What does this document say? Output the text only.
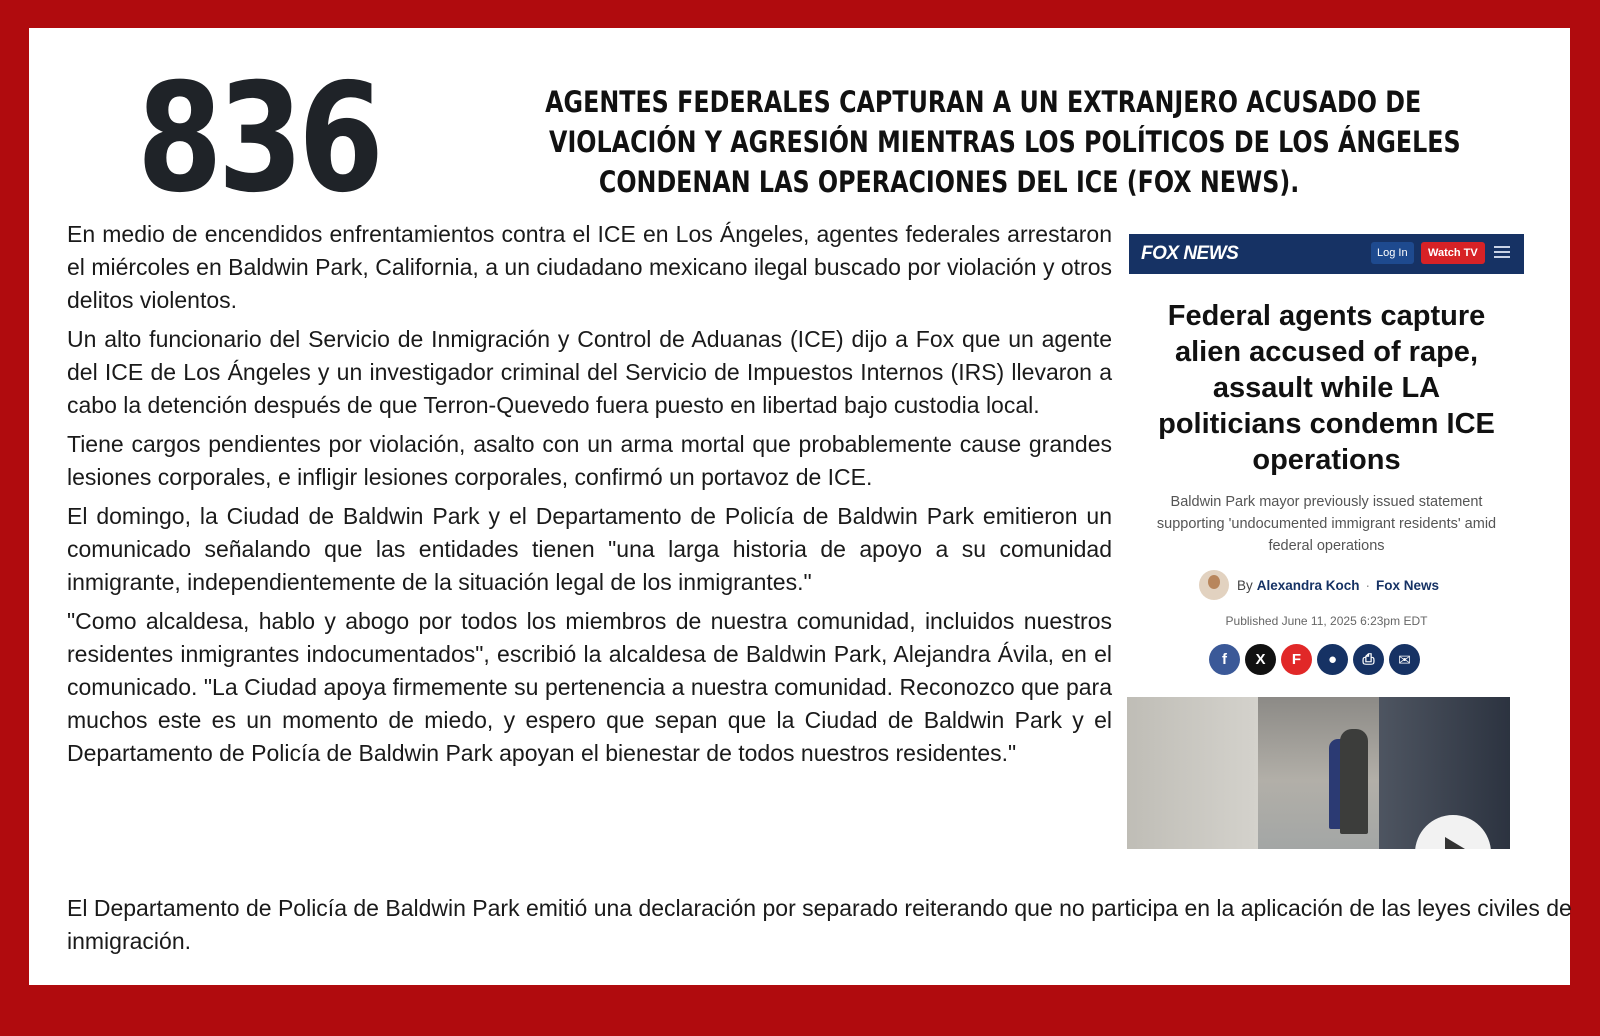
836	AGENTES FEDERALES CAPTURAN A UN EXTRANJERO ACUSADO DE
VIOLACIÓN Y AGRESIÓN MIENTRAS LOS POLÍTICOS DE LOS ÁNGELES
CONDENAN LAS OPERACIONES DEL ICE (FOX NEWS).

En medio de encendidos enfrentamientos contra el ICE en Los Ángeles, agentes federales arrestaron el miércoles en Baldwin Park, California, a un ciudadano mexicano ilegal buscado por violación y otros delitos violentos.

Un alto funcionario del Servicio de Inmigración y Control de Aduanas (ICE) dijo a Fox que un agente del ICE de Los Ángeles y un investigador criminal del Servicio de Impuestos Internos (IRS) llevaron a cabo la detención después de que Terron-Quevedo fuera puesto en libertad bajo custodia local.

Tiene cargos pendientes por violación, asalto con un arma mortal que probablemente cause grandes lesiones corporales, e infligir lesiones corporales, confirmó un portavoz de ICE.

El domingo, la Ciudad de Baldwin Park y el Departamento de Policía de Baldwin Park emitieron un comunicado señalando que las entidades tienen "una larga historia de apoyo a su comunidad inmigrante, independientemente de la situación legal de los inmigrantes."

"Como alcaldesa, hablo y abogo por todos los miembros de nuestra comunidad, incluidos nuestros residentes inmigrantes indocumentados", escribió la alcaldesa de Baldwin Park, Alejandra Ávila, en el comunicado. "La Ciudad apoya firmemente su pertenencia a nuestra comunidad. Reconozco que para muchos este es un momento de miedo, y espero que sepan que la Ciudad de Baldwin Park y el Departamento de Policía de Baldwin Park apoyan el bienestar de todos nuestros residentes."

El Departamento de Policía de Baldwin Park emitió una declaración por separado reiterando que no participa en la aplicación de las leyes civiles de inmigración.
FOX NEWS	Log In	Watch TV
Federal agents capture alien accused of rape, assault while LA politicians condemn ICE operations
Baldwin Park mayor previously issued statement supporting 'undocumented immigrant residents' amid federal operations
By Alexandra Koch · Fox News
Published June 11, 2025 6:23pm EDT
f	X	F	●	⎙	✉
